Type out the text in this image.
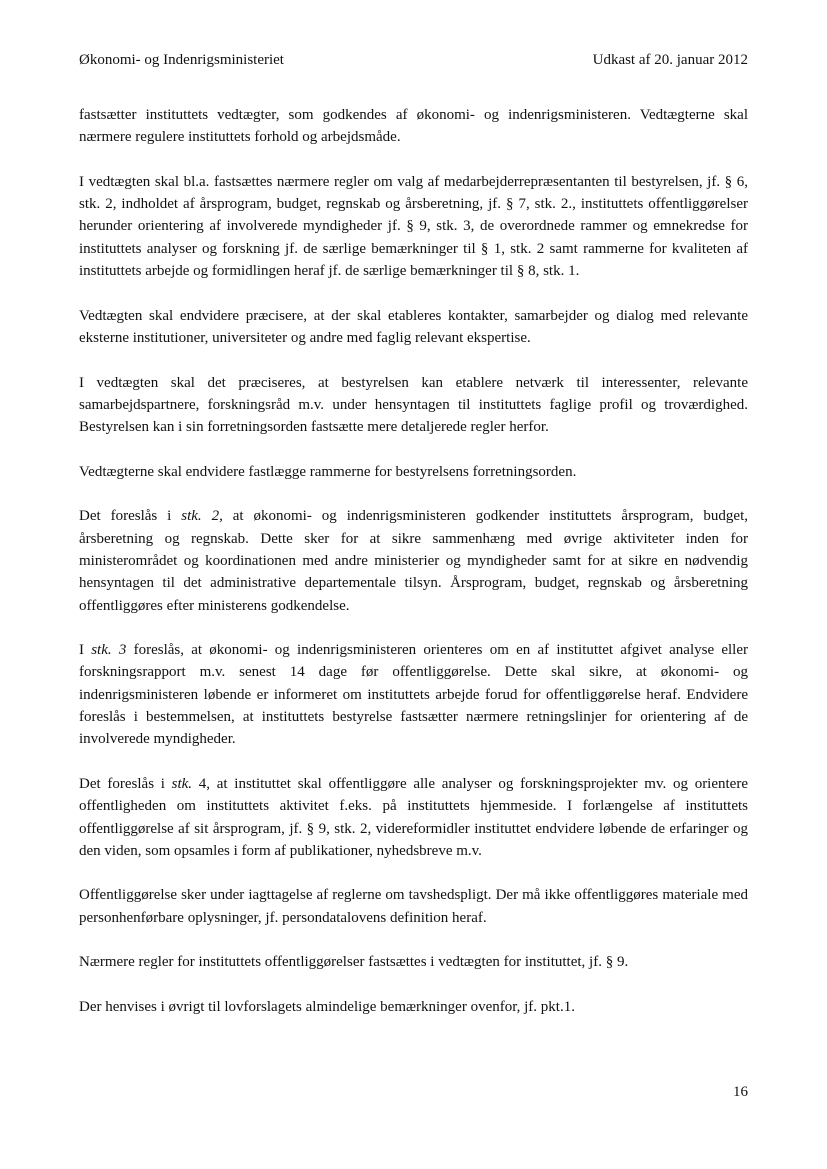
Økonomi- og Indenrigsministeriet	Udkast af 20. januar 2012

fastsætter instituttets vedtægter, som godkendes af økonomi- og indenrigsministeren. Vedtægterne skal nærmere regulere instituttets forhold og arbejdsmåde.

I vedtægten skal bl.a. fastsættes nærmere regler om valg af medarbejderrepræsentanten til bestyrelsen, jf. § 6, stk. 2, indholdet af årsprogram, budget, regnskab og årsberetning, jf. § 7, stk. 2., instituttets offentliggørelser herunder orientering af involverede myndigheder jf. § 9, stk. 3, de overordnede rammer og emnekredse for instituttets analyser og forskning jf. de særlige bemærkninger til § 1, stk. 2 samt rammerne for kvaliteten af instituttets arbejde og formidlingen heraf jf. de særlige bemærkninger til § 8, stk. 1.

Vedtægten skal endvidere præcisere, at der skal etableres kontakter, samarbejder og dialog med relevante eksterne institutioner, universiteter og andre med faglig relevant ekspertise.

I vedtægten skal det præciseres, at bestyrelsen kan etablere netværk til interessenter, relevante samarbejdspartnere, forskningsråd m.v. under hensyntagen til instituttets faglige profil og troværdighed. Bestyrelsen kan i sin forretningsorden fastsætte mere detaljerede regler herfor.

Vedtægterne skal endvidere fastlægge rammerne for bestyrelsens forretningsorden.

Det foreslås i stk. 2, at økonomi- og indenrigsministeren godkender instituttets årsprogram, budget, årsberetning og regnskab. Dette sker for at sikre sammenhæng med øvrige aktiviteter inden for ministerområdet og koordinationen med andre ministerier og myndigheder samt for at sikre en nødvendig hensyntagen til det administrative departementale tilsyn. Årsprogram, budget, regnskab og årsberetning offentliggøres efter ministerens godkendelse.

I stk. 3 foreslås, at økonomi- og indenrigsministeren orienteres om en af instituttet afgivet analyse eller forskningsrapport m.v. senest 14 dage før offentliggørelse. Dette skal sikre, at økonomi- og indenrigsministeren løbende er informeret om instituttets arbejde forud for offentliggørelse heraf. Endvidere foreslås i bestemmelsen, at instituttets bestyrelse fastsætter nærmere retningslinjer for orientering af de involverede myndigheder.

Det foreslås i stk. 4, at instituttet skal offentliggøre alle analyser og forskningsprojekter mv. og orientere offentligheden om instituttets aktivitet f.eks. på instituttets hjemmeside. I forlængelse af instituttets offentliggørelse af sit årsprogram, jf. § 9, stk. 2, videreformidler instituttet endvidere løbende de erfaringer og den viden, som opsamles i form af publikationer, nyhedsbreve m.v.

Offentliggørelse sker under iagttagelse af reglerne om tavshedspligt. Der må ikke offentliggøres materiale med personhenførbare oplysninger, jf. persondatalovens definition heraf.

Nærmere regler for instituttets offentliggørelser fastsættes i vedtægten for instituttet, jf. § 9.

Der henvises i øvrigt til lovforslagets almindelige bemærkninger ovenfor, jf. pkt.1.

16
